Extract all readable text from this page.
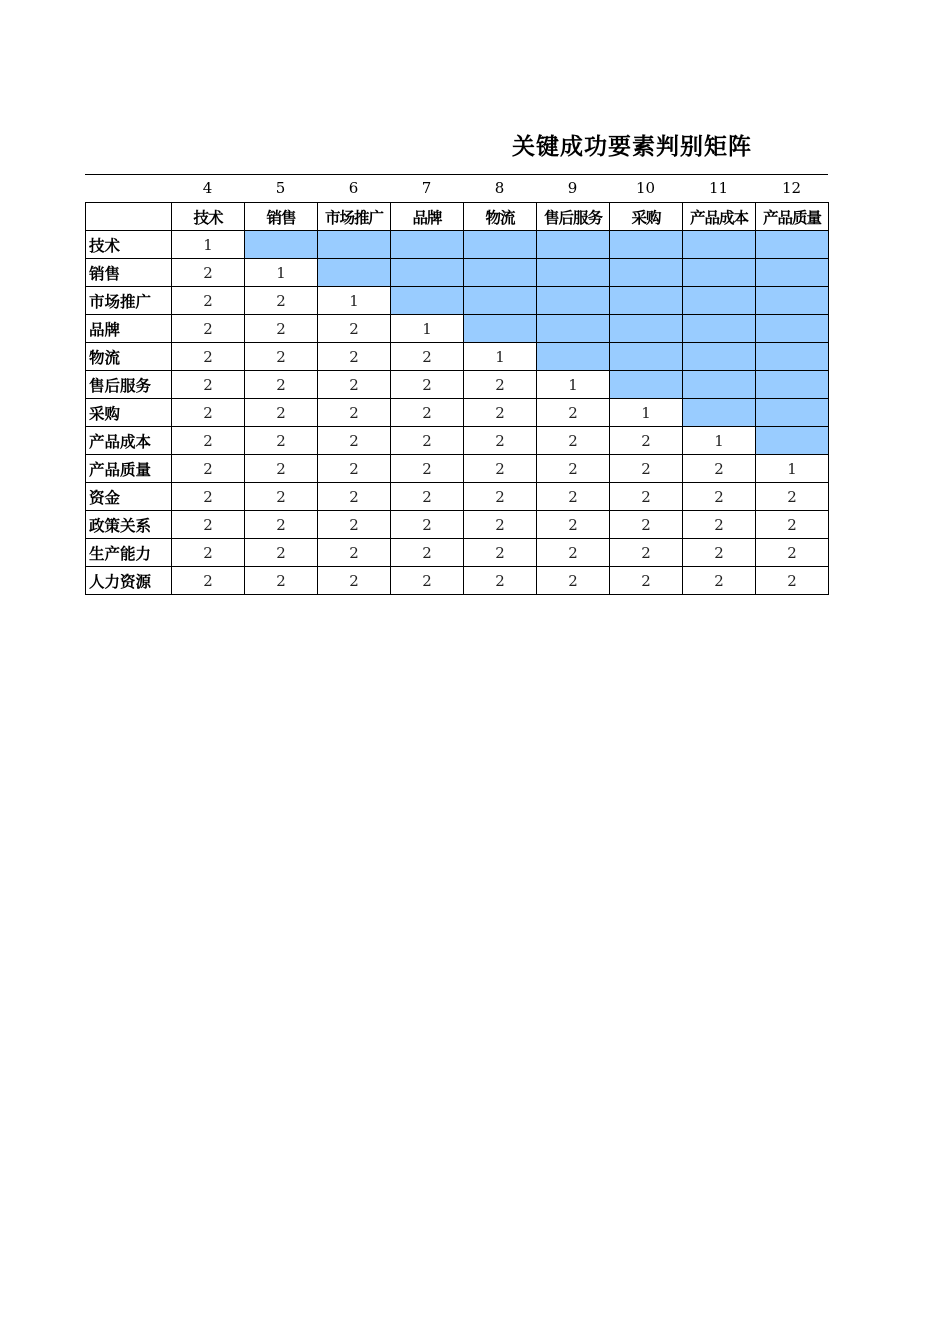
关键成功要素判别矩阵
4	5	6	7	8	9	10	11	12
	技术	销售	市场推广	品牌	物流	售后服务	采购	产品成本	产品质量
技术	1								
销售	2	1							
市场推广	2	2	1						
品牌	2	2	2	1					
物流	2	2	2	2	1				
售后服务	2	2	2	2	2	1			
采购	2	2	2	2	2	2	1		
产品成本	2	2	2	2	2	2	2	1	
产品质量	2	2	2	2	2	2	2	2	1
资金	2	2	2	2	2	2	2	2	2
政策关系	2	2	2	2	2	2	2	2	2
生产能力	2	2	2	2	2	2	2	2	2
人力资源	2	2	2	2	2	2	2	2	2
